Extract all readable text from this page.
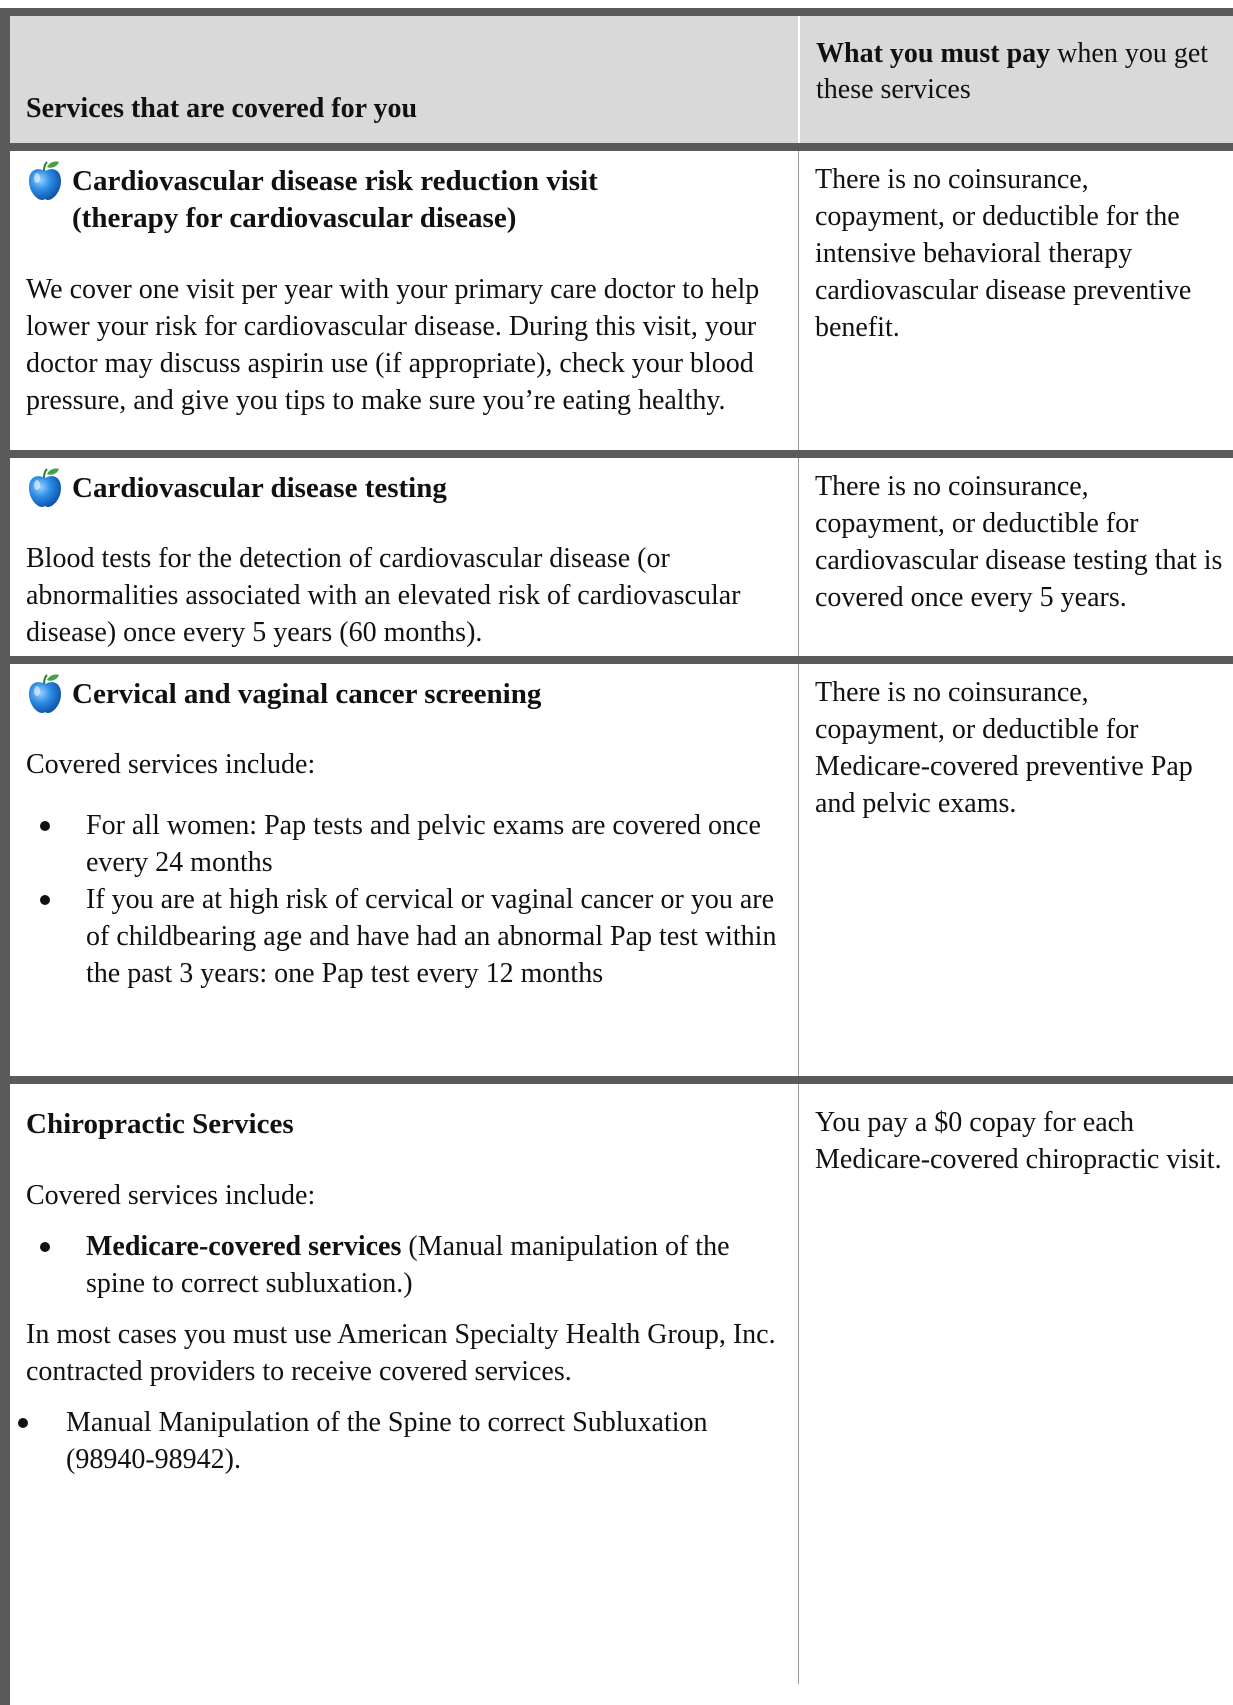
Services that are covered for you
What you must pay when you get these services
Cardiovascular disease risk reduction visit
(therapy for cardiovascular disease)

We cover one visit per year with your primary care doctor to help lower your risk for cardiovascular disease. During this visit, your doctor may discuss aspirin use (if appropriate), check your blood pressure, and give you tips to make sure you’re eating healthy.

There is no coinsurance, copayment, or deductible for the intensive behavioral therapy cardiovascular disease preventive benefit.
Cardiovascular disease testing

Blood tests for the detection of cardiovascular disease (or abnormalities associated with an elevated risk of cardiovascular disease) once every 5 years (60 months).

There is no coinsurance, copayment, or deductible for cardiovascular disease testing that is covered once every 5 years.
Cervical and vaginal cancer screening

Covered services include:

For all women: Pap tests and pelvic exams are covered once every 24 months
If you are at high risk of cervical or vaginal cancer or you are of childbearing age and have had an abnormal Pap test within the past 3 years: one Pap test every 12 months
There is no coinsurance, copayment, or deductible for Medicare-covered preventive Pap and pelvic exams.
Chiropractic Services

Covered services include:

Medicare-covered services (Manual manipulation of the spine to correct subluxation.)

In most cases you must use American Specialty Health Group, Inc. contracted providers to receive covered services.

Manual Manipulation of the Spine to correct Subluxation (98940-98942).
You pay a $0 copay for each Medicare-covered chiropractic visit.
